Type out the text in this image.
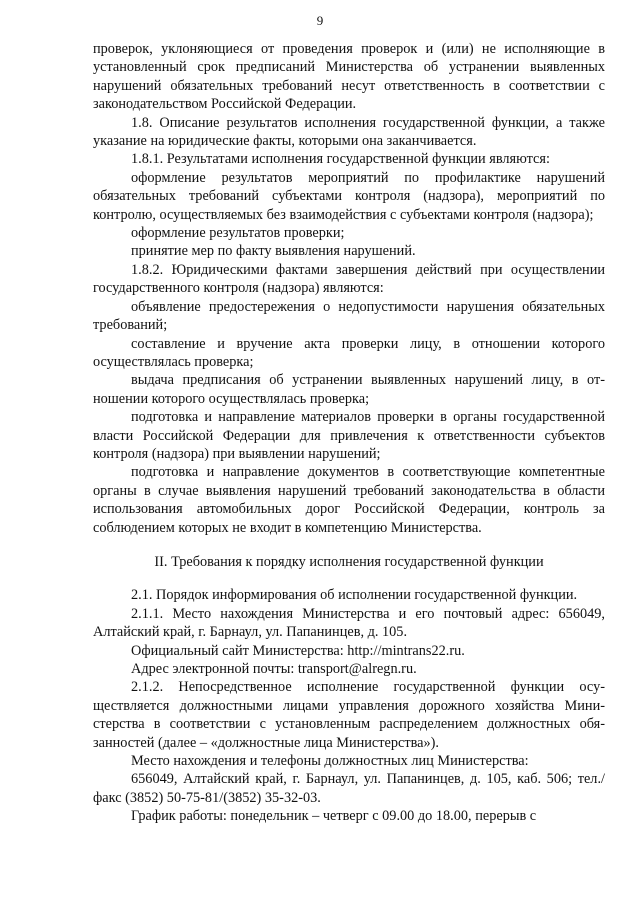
9

проверок, уклоняющиеся от проведения проверок и (или) не исполняющие в установленный срок предписаний Министерства об устранении выявленных нарушений обязательных требований несут ответственность в соответствии с законодательством Российской Федерации.

1.8. Описание результатов исполнения государственной функции, а также указание на юридические факты, которыми она заканчивается.

1.8.1. Результатами исполнения государственной функции являются:

оформление результатов мероприятий по профилактике нарушений обязательных требований субъектами контроля (надзора), мероприятий по контролю, осуществляемых без взаимодействия с субъектами контроля (надзора);

оформление результатов проверки;

принятие мер по факту выявления нарушений.

1.8.2. Юридическими фактами завершения действий при осуществлении государственного контроля (надзора) являются:

объявление предостережения о недопустимости нарушения обязательных требований;

составление и вручение акта проверки лицу, в отношении которого осуществлялась проверка;

выдача предписания об устранении выявленных нарушений лицу, в отношении которого осуществлялась проверка;

подготовка и направление материалов проверки в органы государственной власти Российской Федерации для привлечения к ответственности субъектов контроля (надзора) при выявлении нарушений;

подготовка и направление документов в соответствующие компетентные органы в случае выявления нарушений требований законодательства в области использования автомобильных дорог Российской Федерации, контроль за соблюдением которых не входит в компетенцию Министерства.

II. Требования к порядку исполнения государственной функции

2.1. Порядок информирования об исполнении государственной функции.

2.1.1. Место нахождения Министерства и его почтовый адрес: 656049, Алтайский край, г. Барнаул, ул. Папанинцев, д. 105.

Официальный сайт Министерства: http://mintrans22.ru.

Адрес электронной почты: transport@alregn.ru.

2.1.2. Непосредственное исполнение государственной функции осуществляется должностными лицами управления дорожного хозяйства Министерства в соответствии с установленным распределением должностных обязанностей (далее – «должностные лица Министерства»).

Место нахождения и телефоны должностных лиц Министерства:

656049, Алтайский край, г. Барнаул, ул. Папанинцев, д. 105, каб. 506; тел./факс (3852) 50-75-81/(3852) 35-32-03.

График работы: понедельник – четверг с 09.00 до 18.00, перерыв с
